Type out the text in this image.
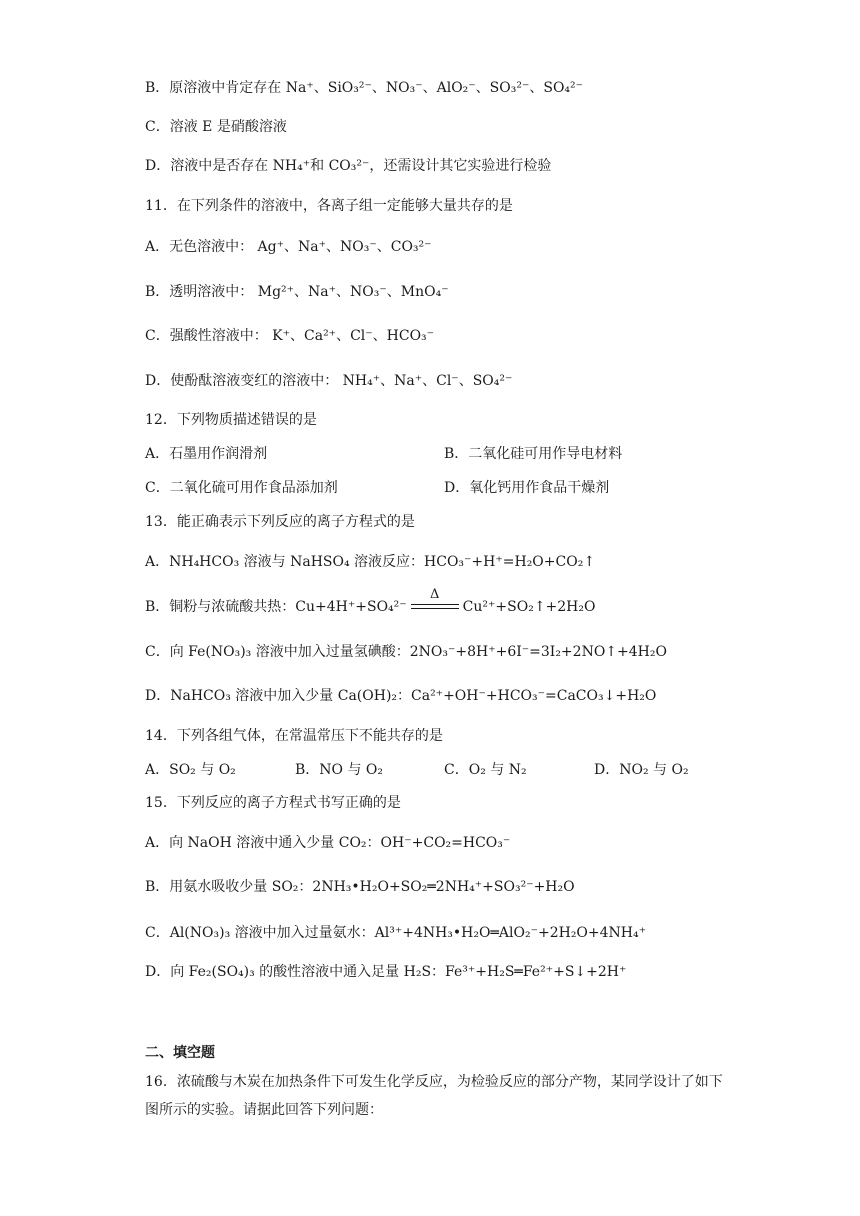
B．原溶液中肯定存在 Na⁺、SiO₃²⁻、NO₃⁻、AlO₂⁻、SO₃²⁻、SO₄²⁻
C．溶液 E 是硝酸溶液
D．溶液中是否存在 NH₄⁺和 CO₃²⁻，还需设计其它实验进行检验
11．在下列条件的溶液中，各离子组一定能够大量共存的是
A．无色溶液中： Ag⁺、Na⁺、NO₃⁻、CO₃²⁻
B．透明溶液中： Mg²⁺、Na⁺、NO₃⁻、MnO₄⁻
C．强酸性溶液中： K⁺、Ca²⁺、Cl⁻、HCO₃⁻
D．使酚酞溶液变红的溶液中： NH₄⁺、Na⁺、Cl⁻、SO₄²⁻
12．下列物质描述错误的是
A．石墨用作润滑剂	B．二氧化硅可用作导电材料
C．二氧化硫可用作食品添加剂	D．氧化钙用作食品干燥剂
13．能正确表示下列反应的离子方程式的是
A．NH₄HCO₃ 溶液与 NaHSO₄ 溶液反应：HCO₃⁻+H⁺=H₂O+CO₂↑
B．铜粉与浓硫酸共热：Cu+4H⁺+SO₄²⁻
Δ
Cu²⁺+SO₂↑+2H₂O
C．向 Fe(NO₃)₃ 溶液中加入过量氢碘酸：2NO₃⁻+8H⁺+6I⁻=3I₂+2NO↑+4H₂O
D．NaHCO₃ 溶液中加入少量 Ca(OH)₂：Ca²⁺+OH⁻+HCO₃⁻=CaCO₃↓+H₂O
14．下列各组气体，在常温常压下不能共存的是
A．SO₂ 与 O₂	B．NO 与 O₂	C．O₂ 与 N₂	D．NO₂ 与 O₂
15．下列反应的离子方程式书写正确的是
A．向 NaOH 溶液中通入少量 CO₂：OH⁻+CO₂=HCO₃⁻
B．用氨水吸收少量 SO₂：2NH₃•H₂O+SO₂═2NH₄⁺+SO₃²⁻+H₂O
C．Al(NO₃)₃ 溶液中加入过量氨水：Al³⁺+4NH₃•H₂O═AlO₂⁻+2H₂O+4NH₄⁺
D．向 Fe₂(SO₄)₃ 的酸性溶液中通入足量 H₂S：Fe³⁺+H₂S═Fe²⁺+S↓+2H⁺
二、填空题
16．浓硫酸与木炭在加热条件下可发生化学反应，为检验反应的部分产物，某同学设计了如下图所示的实验。请据此回答下列问题：
